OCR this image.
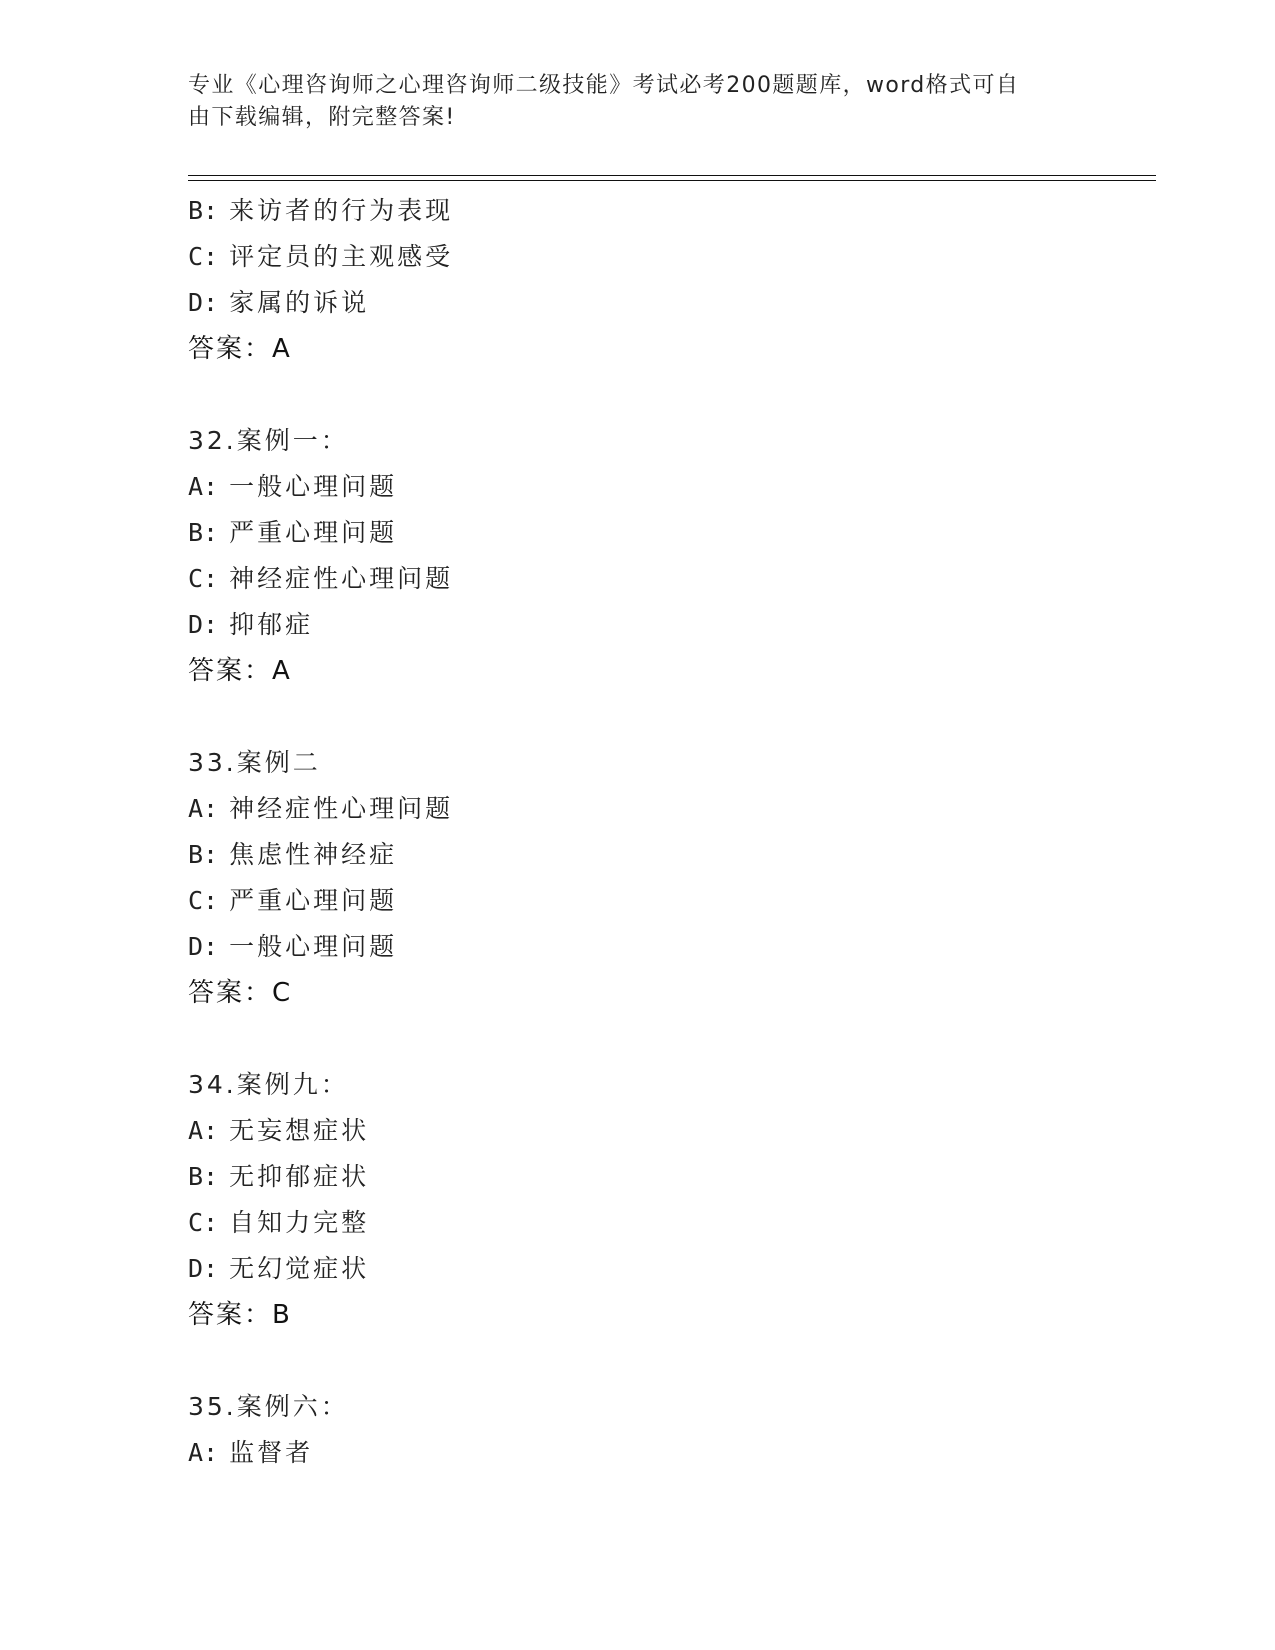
专业《心理咨询师之心理咨询师二级技能》考试必考200题题库，word格式可自
由下载编辑，附完整答案!
B: 来访者的行为表现
C: 评定员的主观感受
D: 家属的诉说
答案：A
32.案例一：
A: 一般心理问题
B: 严重心理问题
C: 神经症性心理问题
D: 抑郁症
答案：A
33.案例二
A: 神经症性心理问题
B: 焦虑性神经症
C: 严重心理问题
D: 一般心理问题
答案：C
34.案例九：
A: 无妄想症状
B: 无抑郁症状
C: 自知力完整
D: 无幻觉症状
答案：B
35.案例六：
A: 监督者
